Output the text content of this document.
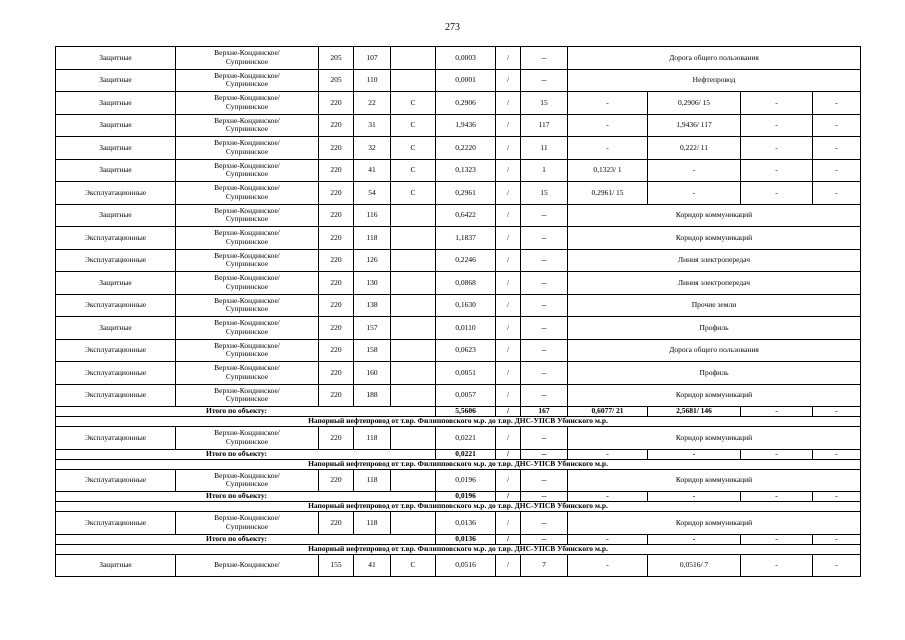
273
Защитные	Верхне-Кондинское/
Суприинское	205	107		0,0003	/	--	Дорога общего пользования			
Защитные	Верхне-Кондинское/
Суприинское	205	110		0,0001	/	--	Нефтепровод			
Защитные	Верхне-Кондинское/
Суприинское	220	22	С	0,2906	/	15	-	0,2906/ 15	-	-
Защитные	Верхне-Кондинское/
Суприинское	220	31	С	1,9436	/	117	-	1,9436/ 117	-	-
Защитные	Верхне-Кондинское/
Суприинское	220	32	С	0,2220	/	11	-	0,222/ 11	-	-
Защитные	Верхне-Кондинское/
Суприинское	220	41	С	0,1323	/	1	0,1323/ 1	-	-	-
Эксплуатационные	Верхне-Кондинское/
Суприинское	220	54	С	0,2961	/	15	0,2961/ 15	-	-	-
Защитные	Верхне-Кондинское/
Суприинское	220	116		0,6422	/	--	Коридор коммуникаций			
Эксплуатационные	Верхне-Кондинское/
Суприинское	220	118		1,1837	/	--	Коридор коммуникаций			
Эксплуатационные	Верхне-Кондинское/
Суприинское	220	126		0,2246	/	--	Линия электропередач			
Защитные	Верхне-Кондинское/
Суприинское	220	130		0,0868	/	--	Линия электропередач			
Эксплуатационные	Верхне-Кондинское/
Суприинское	220	138		0,1630	/	--	Прочие земли			
Защитные	Верхне-Кондинское/
Суприинское	220	157		0,0110	/	--	Профиль			
Эксплуатационные	Верхне-Кондинское/
Суприинское	220	158		0,0623	/	--	Дорога общего пользования			
Эксплуатационные	Верхне-Кондинское/
Суприинское	220	160		0,0051	/	--	Профиль			
Эксплуатационные	Верхне-Кондинское/
Суприинское	220	188		0,0057	/	--	Коридор коммуникаций			
Итого по объекту:					5,5606	/	167	0,6077/ 21	2,5681/ 146	-	-
Напорный нефтепровод от т.вр. Филипповского м.р. до т.вр. ДНС-УПСВ Убинского м.р.											
Эксплуатационные	Верхне-Кондинское/
Суприинское	220	118		0,0221	/	--	Коридор коммуникаций			
Итого по объекту:					0,0221	/	--	-	-	-	-
Напорный нефтепровод от т.вр. Филипповского м.р. до т.вр. ДНС-УПСВ Убинского м.р.											
Эксплуатационные	Верхне-Кондинское/
Суприинское	220	118		0,0196	/	--	Коридор коммуникаций			
Итого по объекту:					0,0196	/	--	-	-	-	-
Напорный нефтепровод от т.вр. Филипповского м.р. до т.вр. ДНС-УПСВ Убинского м.р.											
Эксплуатационные	Верхне-Кондинское/
Суприинское	220	118		0,0136	/	--	Коридор коммуникаций			
Итого по объекту:					0,0136	/	--	-	-	-	-
Напорный нефтепровод от т.вр. Филипповского м.р. до т.вр. ДНС-УПСВ Убинского м.р.											
Защитные	Верхне-Кондинское/	155	41	С	0,0516	/	7	-	0,0516/ 7	-	-
